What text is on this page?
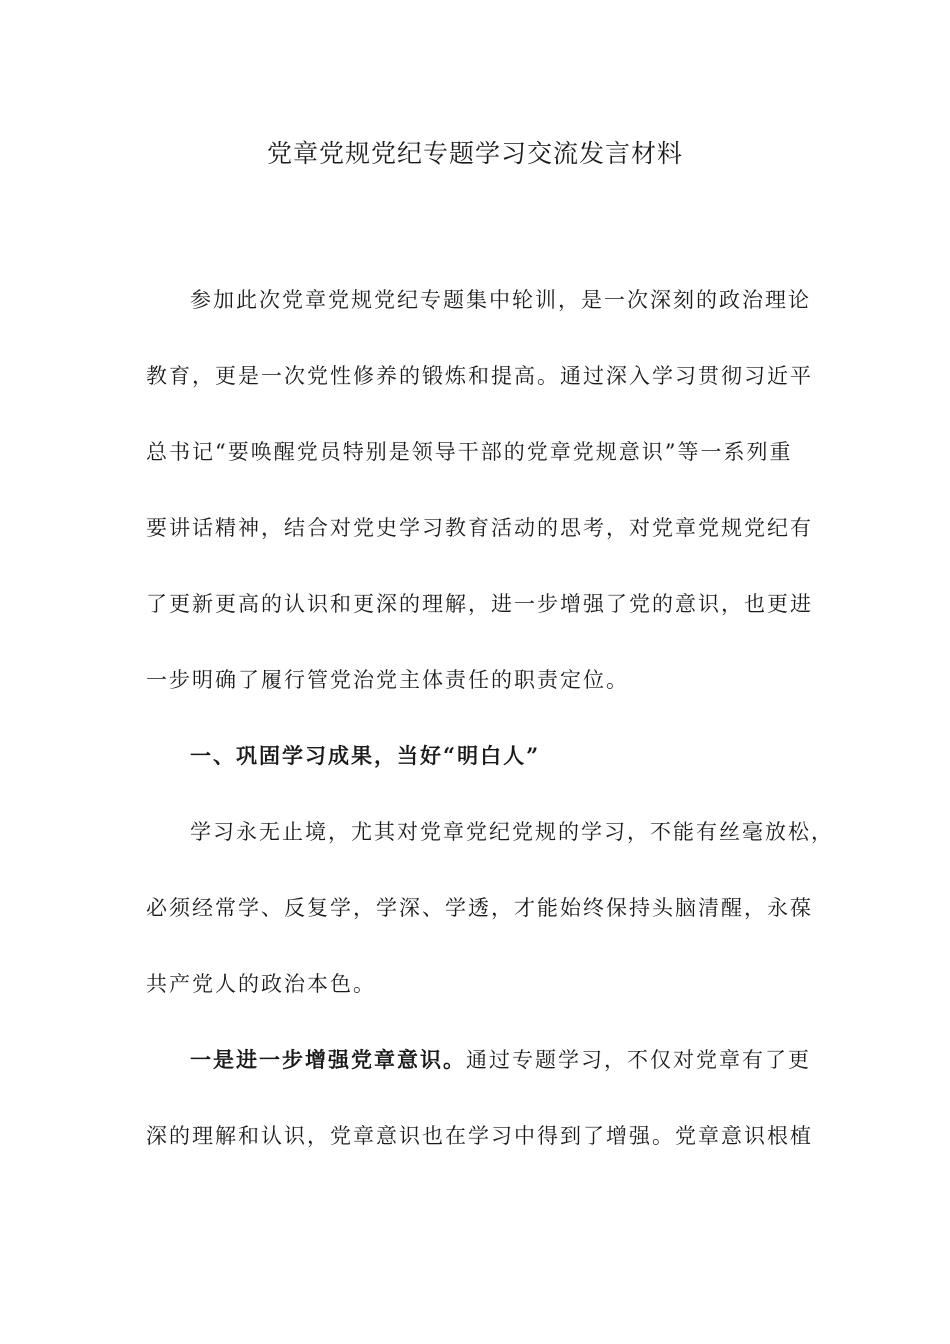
党章党规党纪专题学习交流发言材料

参加此次党章党规党纪专题集中轮训，是一次深刻的政治理论
教育，更是一次党性修养的锻炼和提高。通过深入学习贯彻习近平
总书记“要唤醒党员特别是领导干部的党章党规意识”等一系列重
要讲话精神，结合对党史学习教育活动的思考，对党章党规党纪有
了更新更高的认识和更深的理解，进一步增强了党的意识，也更进
一步明确了履行管党治党主体责任的职责定位。

一、巩固学习成果，当好“明白人”

学习永无止境，尤其对党章党纪党规的学习，不能有丝毫放松，
必须经常学、反复学，学深、学透，才能始终保持头脑清醒，永葆
共产党人的政治本色。

一是进一步增强党章意识。通过专题学习，不仅对党章有了更
深的理解和认识，党章意识也在学习中得到了增强。党章意识根植
